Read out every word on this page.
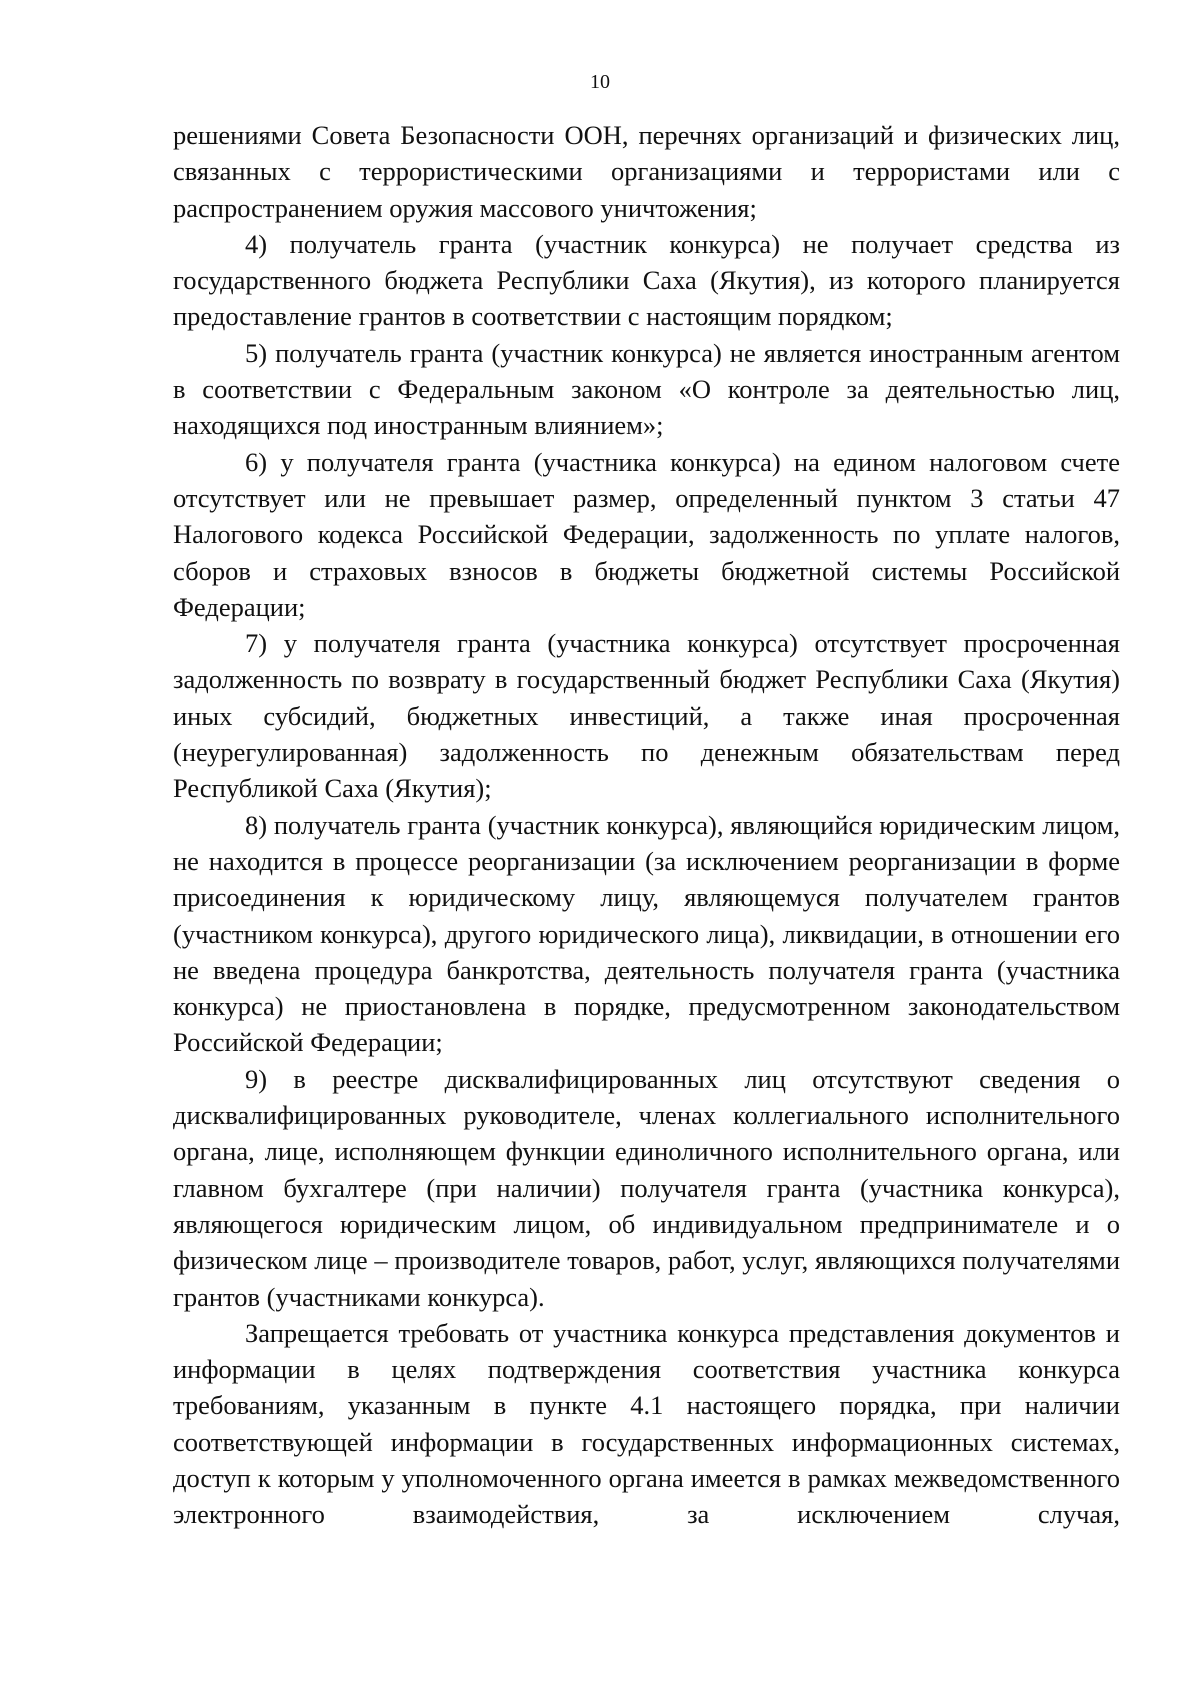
10

решениями Совета Безопасности ООН, перечнях организаций и физических лиц, связанных с террористическими организациями и террористами или с распространением оружия массового уничтожения;

4) получатель гранта (участник конкурса) не получает средства из государственного бюджета Республики Саха (Якутия), из которого планируется предоставление грантов в соответствии с настоящим порядком;

5) получатель гранта (участник конкурса) не является иностранным агентом в соответствии с Федеральным законом «О контроле за деятельностью лиц, находящихся под иностранным влиянием»;

6) у получателя гранта (участника конкурса) на едином налоговом счете отсутствует или не превышает размер, определенный пунктом 3 статьи 47 Налогового кодекса Российской Федерации, задолженность по уплате налогов, сборов и страховых взносов в бюджеты бюджетной системы Российской Федерации;

7) у получателя гранта (участника конкурса) отсутствует просроченная задолженность по возврату в государственный бюджет Республики Саха (Якутия) иных субсидий, бюджетных инвестиций, а также иная просроченная (неурегулированная) задолженность по денежным обязательствам перед Республикой Саха (Якутия);

8) получатель гранта (участник конкурса), являющийся юридическим лицом, не находится в процессе реорганизации (за исключением реорганизации в форме присоединения к юридическому лицу, являющемуся получателем грантов (участником конкурса), другого юридического лица), ликвидации, в отношении его не введена процедура банкротства, деятельность получателя гранта (участника конкурса) не приостановлена в порядке, предусмотренном законодательством Российской Федерации;

9) в реестре дисквалифицированных лиц отсутствуют сведения о дисквалифицированных руководителе, членах коллегиального исполнительного органа, лице, исполняющем функции единоличного исполнительного органа, или главном бухгалтере (при наличии) получателя гранта (участника конкурса), являющегося юридическим лицом, об индивидуальном предпринимателе и о физическом лице – производителе товаров, работ, услуг, являющихся получателями грантов (участниками конкурса).

Запрещается требовать от участника конкурса представления документов и информации в целях подтверждения соответствия участника конкурса требованиям, указанным в пункте 4.1 настоящего порядка, при наличии соответствующей информации в государственных информационных системах, доступ к которым у уполномоченного органа имеется в рамках межведомственного электронного взаимодействия, за исключением случая,
